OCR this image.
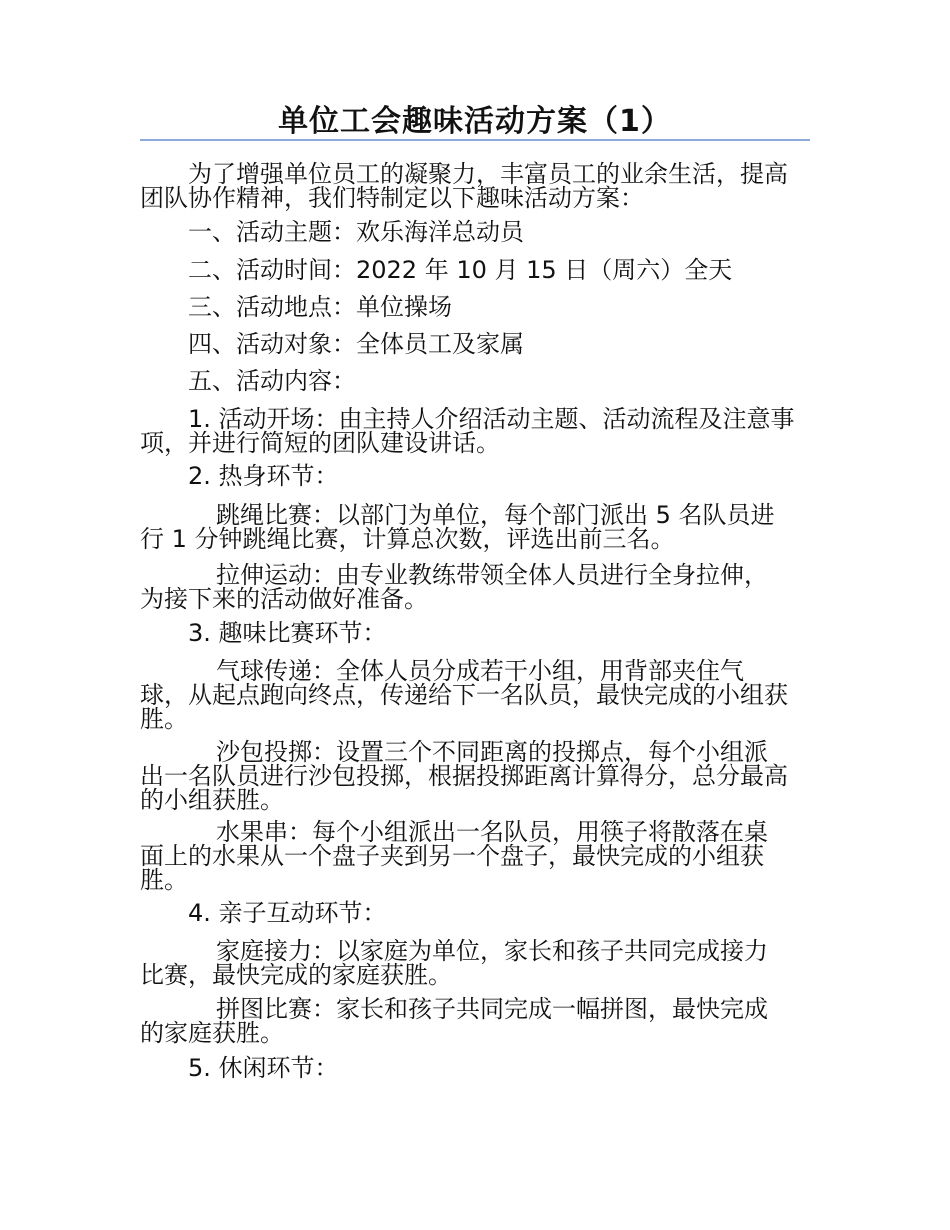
单位工会趣味活动方案（1）
为了增强单位员工的凝聚力，丰富员工的业余生活，提高
团队协作精神，我们特制定以下趣味活动方案：
一、活动主题：欢乐海洋总动员
二、活动时间：2022 年 10 月 15 日（周六）全天
三、活动地点：单位操场
四、活动对象：全体员工及家属
五、活动内容：
1. 活动开场：由主持人介绍活动主题、活动流程及注意事
项，并进行简短的团队建设讲话。
2. 热身环节：
跳绳比赛：以部门为单位，每个部门派出 5 名队员进
行 1 分钟跳绳比赛，计算总次数，评选出前三名。
拉伸运动：由专业教练带领全体人员进行全身拉伸，
为接下来的活动做好准备。
3. 趣味比赛环节：
气球传递：全体人员分成若干小组，用背部夹住气
球，从起点跑向终点，传递给下一名队员，最快完成的小组获
胜。
沙包投掷：设置三个不同距离的投掷点，每个小组派
出一名队员进行沙包投掷，根据投掷距离计算得分，总分最高
的小组获胜。
水果串：每个小组派出一名队员，用筷子将散落在桌
面上的水果从一个盘子夹到另一个盘子，最快完成的小组获
胜。
4. 亲子互动环节：
家庭接力：以家庭为单位，家长和孩子共同完成接力
比赛，最快完成的家庭获胜。
拼图比赛：家长和孩子共同完成一幅拼图，最快完成
的家庭获胜。
5. 休闲环节：
